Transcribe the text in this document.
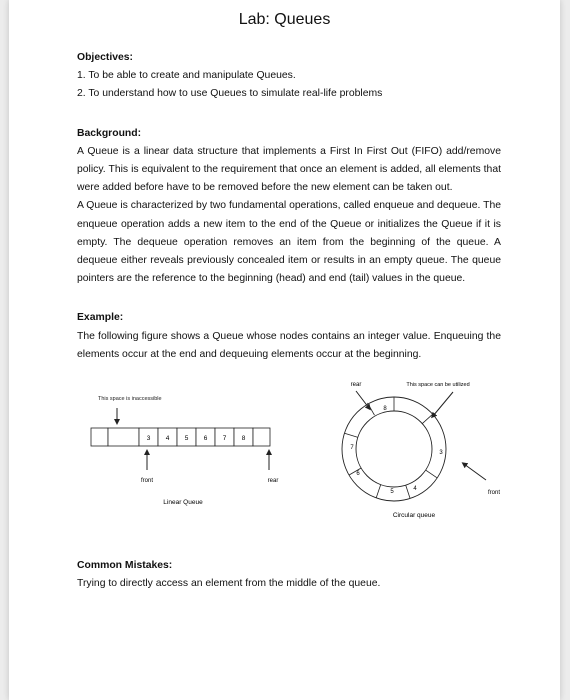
Lab: Queues
Objectives:
1. To be able to create and manipulate Queues.
2. To understand how to use Queues to simulate real-life problems
Background:

A Queue is a linear data structure that implements a First In First Out (FIFO) add/remove policy. This is equivalent to the requirement that once an element is added, all elements that were added before have to be removed before the new element can be taken out.

A Queue is characterized by two fundamental operations, called enqueue and dequeue. The enqueue operation adds a new item to the end of the Queue or initializes the Queue if it is empty. The dequeue operation removes an item from the beginning of the queue. A dequeue either reveals previously concealed item or results in an empty queue. The queue pointers are the reference to the beginning (head) and end (tail) values in the queue.

Example:

The following figure shows a Queue whose nodes contains an integer value. Enqueuing the elements occur at the end and dequeuing elements occur at the beginning.

This space is inaccessible
3 4 5 6 7 8
front	rear
Linear Queue
8
3
4
5
6
7
rear	This space can be utilized
front
Circular queue
Common Mistakes:

Trying to directly access an element from the middle of the queue.
